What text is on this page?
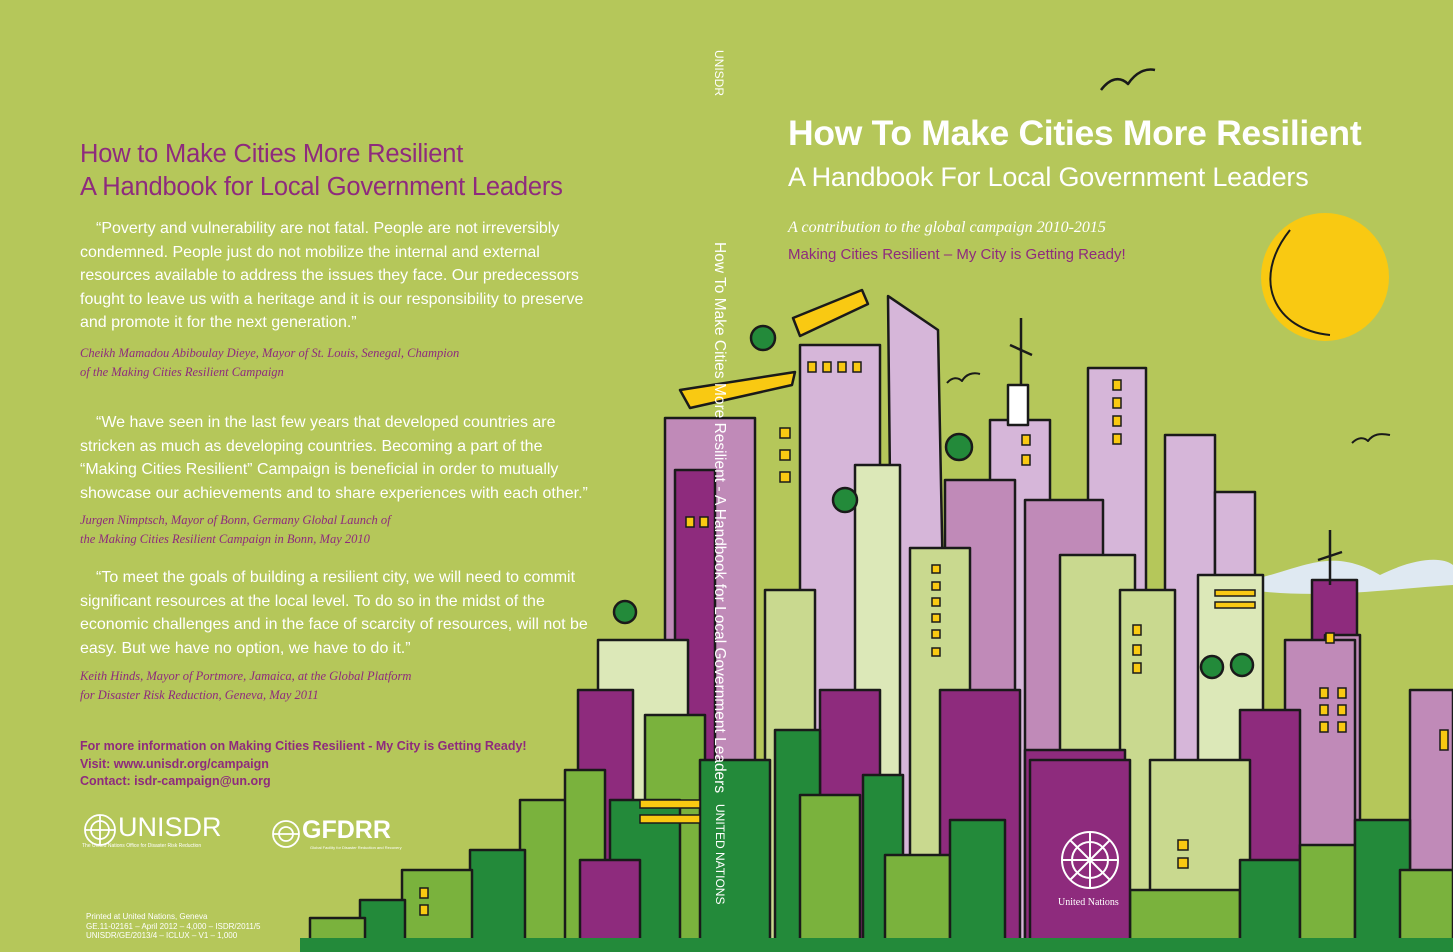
How to Make Cities More Resilient
A Handbook for Local Government Leaders
“Poverty and vulnerability are not fatal. People are not irreversibly condemned. People just do not mobilize the internal and external resources available to address the issues they face. Our predecessors fought to leave us with a heritage and it is our responsibility to preserve and promote it for the next generation.”
Cheikh Mamadou Abiboulay Dieye, Mayor of St. Louis, Senegal, Champion
of the Making Cities Resilient Campaign
“We have seen in the last few years that developed countries are stricken as much as developing countries. Becoming a part of the “Making Cities Resilient” Campaign is beneficial in order to mutually showcase our achievements and to share experiences with each other.”
Jurgen Nimptsch, Mayor of Bonn, Germany Global Launch of
the Making Cities Resilient Campaign in Bonn, May 2010
“To meet the goals of building a resilient city, we will need to commit significant resources at the local level. To do so in the midst of the economic challenges and in the face of scarcity of resources, will not be easy. But we have no option, we have to do it.”
Keith Hinds, Mayor of Portmore, Jamaica, at the Global Platform
for Disaster Risk Reduction, Geneva, May 2011
For more information on Making Cities Resilient - My City is Getting Ready!
Visit: www.unisdr.org/campaign
Contact: isdr-campaign@un.org
UNISDR
The United Nations Office for Disaster Risk Reduction
GFDRR
Global Facility for Disaster Reduction and Recovery
Printed at United Nations, Geneva
GE.11-02161 – April 2012 – 4,000 – ISDR/2011/5
UNISDR/GE/2013/4 – ICLUX – V1 – 1,000
UNISDR
How To Make Cities More Resilient - A Handbook for Local Government Leaders
UNITED NATIONS
How To Make Cities More Resilient
A Handbook For Local Government Leaders
A contribution to the global campaign 2010-2015
Making Cities Resilient – My City is Getting Ready!
United Nations
